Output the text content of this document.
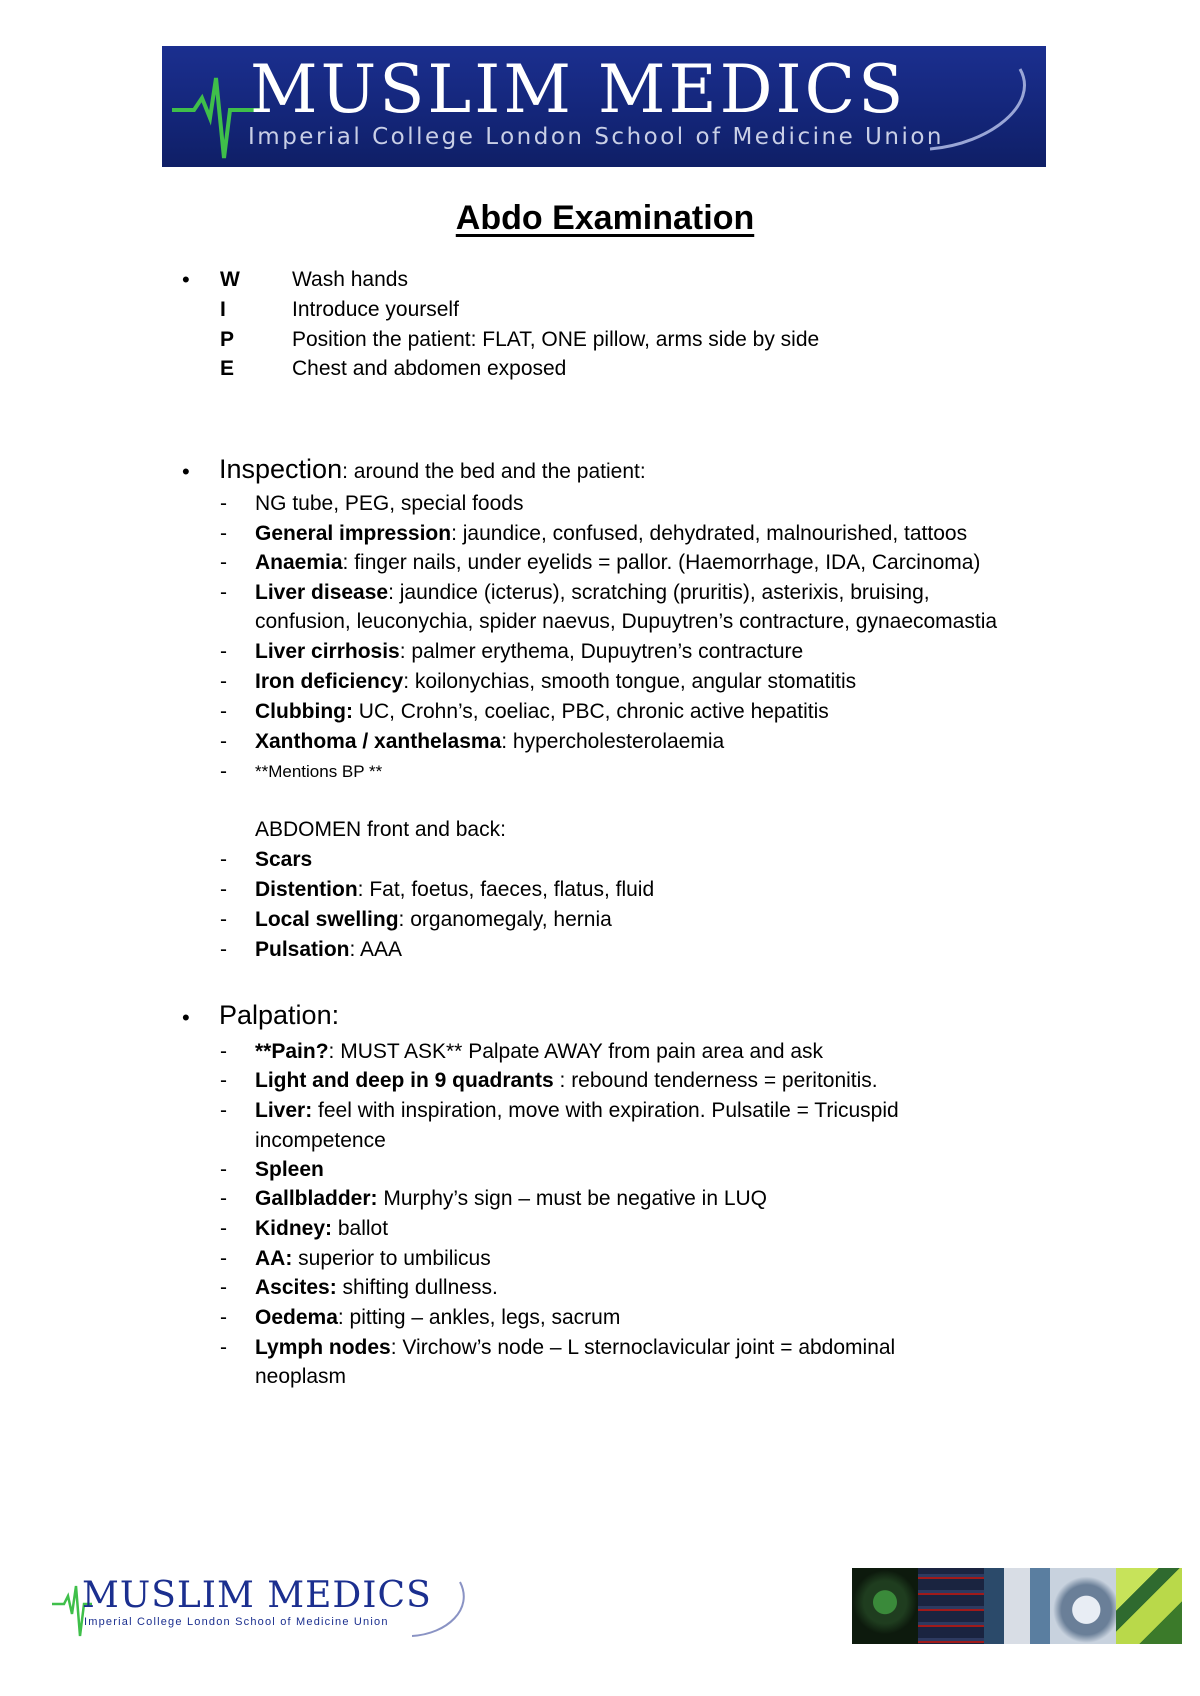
MUSLIM MEDICS
Imperial College London School of Medicine Union
Abdo Examination
• W Wash hands
I	Introduce yourself
P	Position the patient: FLAT, ONE pillow, arms side by side
E	Chest and abdomen exposed
• Inspection: around the bed and the patient:
- NG tube, PEG, special foods
- General impression: jaundice, confused, dehydrated, malnourished, tattoos
- Anaemia: finger nails, under eyelids = pallor. (Haemorrhage, IDA, Carcinoma)
- Liver disease: jaundice (icterus), scratching (pruritis), asterixis, bruising,
confusion, leuconychia, spider naevus, Dupuytren’s contracture, gynaecomastia
- Liver cirrhosis: palmer erythema, Dupuytren’s contracture
- Iron deficiency: koilonychias, smooth tongue, angular stomatitis
- Clubbing: UC, Crohn’s, coeliac, PBC, chronic active hepatitis
- Xanthoma / xanthelasma: hypercholesterolaemia
- **Mentions BP **
ABDOMEN front and back:
- Scars
- Distention: Fat, foetus, faeces, flatus, fluid
- Local swelling: organomegaly, hernia
- Pulsation: AAA
• Palpation:
- **Pain?: MUST ASK** Palpate AWAY from pain area and ask
- Light and deep in 9 quadrants : rebound tenderness = peritonitis.
- Liver: feel with inspiration, move with expiration. Pulsatile = Tricuspid
incompetence
- Spleen
- Gallbladder: Murphy’s sign – must be negative in LUQ
- Kidney: ballot
- AA: superior to umbilicus
- Ascites: shifting dullness.
- Oedema: pitting – ankles, legs, sacrum
- Lymph nodes: Virchow’s node – L sternoclavicular joint = abdominal
neoplasm
MUSLIM MEDICS
Imperial College London School of Medicine Union
